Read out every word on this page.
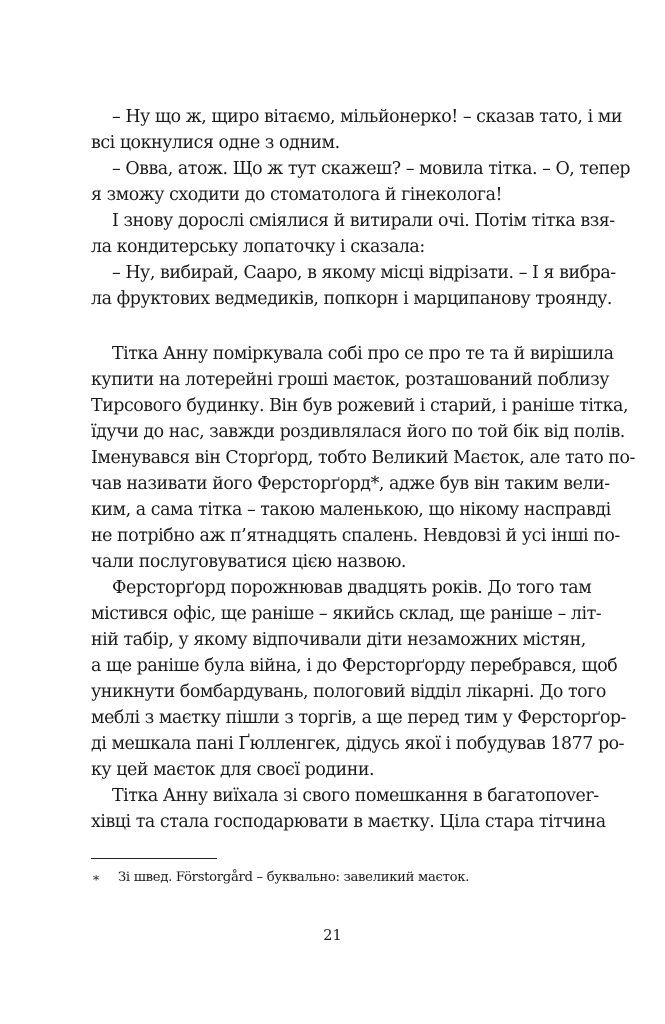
– Ну що ж, щиро вітаємо, мільйонерко! – сказав тато, і ми
всі цокнулися одне з одним.
– Овва, атож. Що ж тут скажеш? – мовила тітка. – О, тепер
я зможу сходити до стоматолога й гінеколога!
І знову дорослі сміялися й витирали очі. Потім тітка взя-
ла кондитерську лопаточку і сказала:
– Ну, вибирай, Сааро, в якому місці відрізати. – І я вибра-
ла фруктових ведмедиків, попкорн і марципанову троянду.
Тітка Анну поміркувала собі про се про те та й вирішила
купити на лотерейні гроші маєток, розташований поблизу
Тирсового будинку. Він був рожевий і старий, і раніше тітка,
їдучи до нас, завжди роздивлялася його по той бік від полів.
Іменувався він Сторґорд, тобто Великий Маєток, але тато по-
чав називати його Ферсторґорд*, адже був він таким вели-
ким, а сама тітка – такою маленькою, що нікому насправді
не потрібно аж п’ятнадцять спалень. Невдовзі й усі інші по-
чали послуговуватися цією назвою.
Ферсторґорд порожнював двадцять років. До того там
містився офіс, ще раніше – якийсь склад, ще раніше – літ-
ній табір, у якому відпочивали діти незаможних містян,
а ще раніше була війна, і до Ферсторґорду перебрався, щоб
уникнути бомбардувань, пологовий відділ лікарні. До того
меблі з маєтку пішли з торгів, а ще перед тим у Ферсторґор-
ді мешкала пані Ґюлленгек, дідусь якої і побудував 1877 ро-
ку цей маєток для своєї родини.
Тітка Анну виїхала зі свого помешкання в багатопover-
хівці та стала господарювати в маєтку. Ціла стара тітчина
* Зі швед. Förstorgård – буквально: завеликий маєток.
21
